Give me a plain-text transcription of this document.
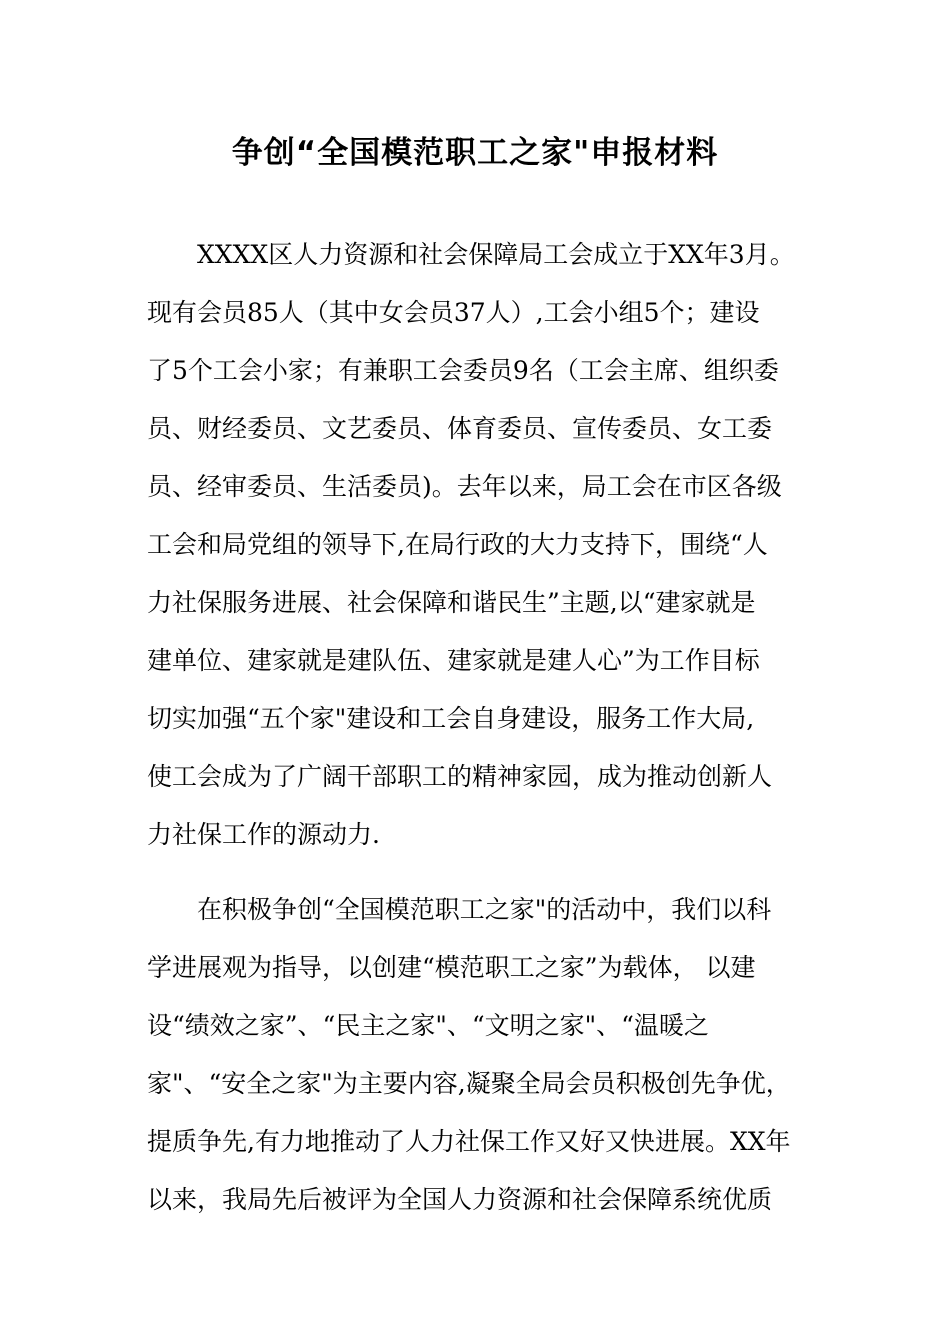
争创“全国模范职工之家"申报材料
XXXX区人力资源和社会保障局工会成立于XX年3月。
现有会员85人（其中女会员37人）,工会小组5个；建设
了5个工会小家；有兼职工会委员9名（工会主席、组织委
员、财经委员、文艺委员、体育委员、宣传委员、女工委
员、经审委员、生活委员)。去年以来，局工会在市区各级
工会和局党组的领导下,在局行政的大力支持下，围绕“人
力社保服务进展、社会保障和谐民生”主题,以“建家就是
建单位、建家就是建队伍、建家就是建人心”为工作目标
切实加强“五个家"建设和工会自身建设，服务工作大局,
使工会成为了广阔干部职工的精神家园，成为推动创新人
力社保工作的源动力.
在积极争创“全国模范职工之家"的活动中，我们以科
学进展观为指导，以创建“模范职工之家”为载体， 以建
设“绩效之家”、“民主之家"、“文明之家"、“温暖之
家"、“安全之家"为主要内容,凝聚全局会员积极创先争优，
提质争先,有力地推动了人力社保工作又好又快进展。XX年
以来，我局先后被评为全国人力资源和社会保障系统优质
